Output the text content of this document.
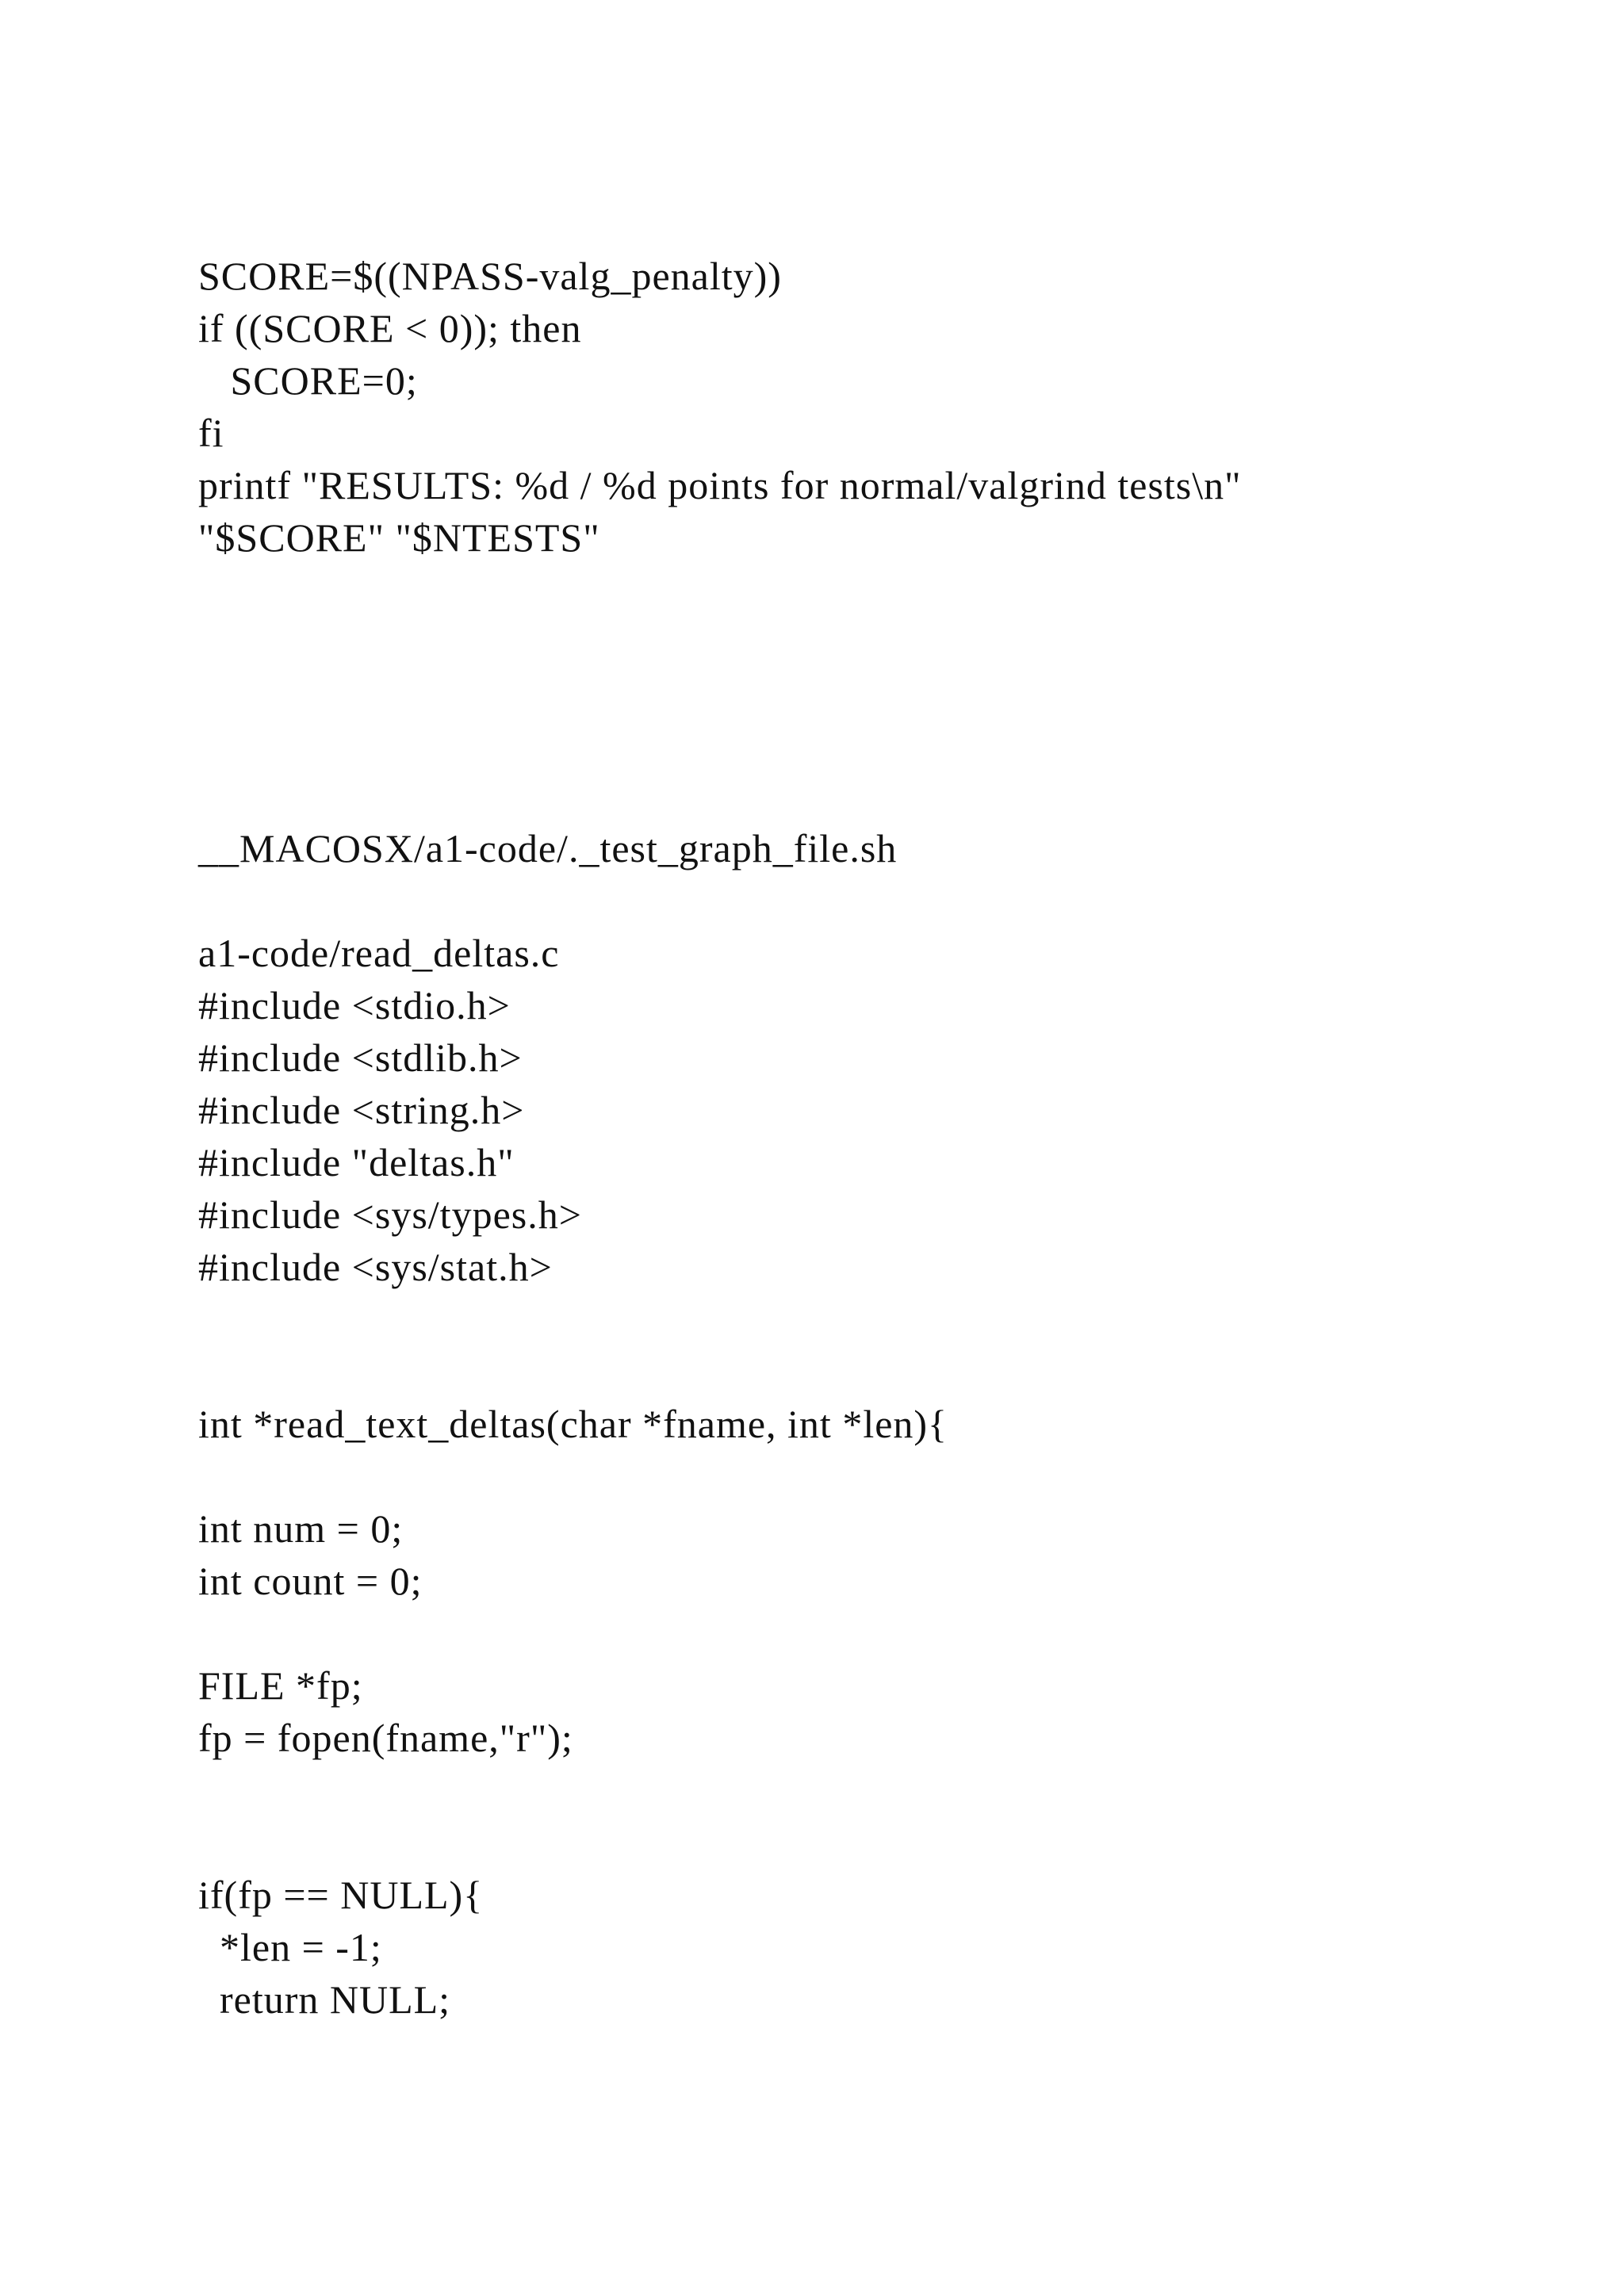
SCORE=$((NPASS-valg_penalty))
if ((SCORE < 0)); then
SCORE=0;
fi
printf "RESULTS: %d / %d points for normal/valgrind tests\n"
"$SCORE" "$NTESTS"
__MACOSX/a1-code/._test_graph_file.sh
a1-code/read_deltas.c
#include <stdio.h>
#include <stdlib.h>
#include <string.h>
#include "deltas.h"
#include <sys/types.h>
#include <sys/stat.h>
int *read_text_deltas(char *fname, int *len){
int num = 0;
int count = 0;
FILE *fp;
fp = fopen(fname,"r");
if(fp == NULL){
*len = -1;
return NULL;
